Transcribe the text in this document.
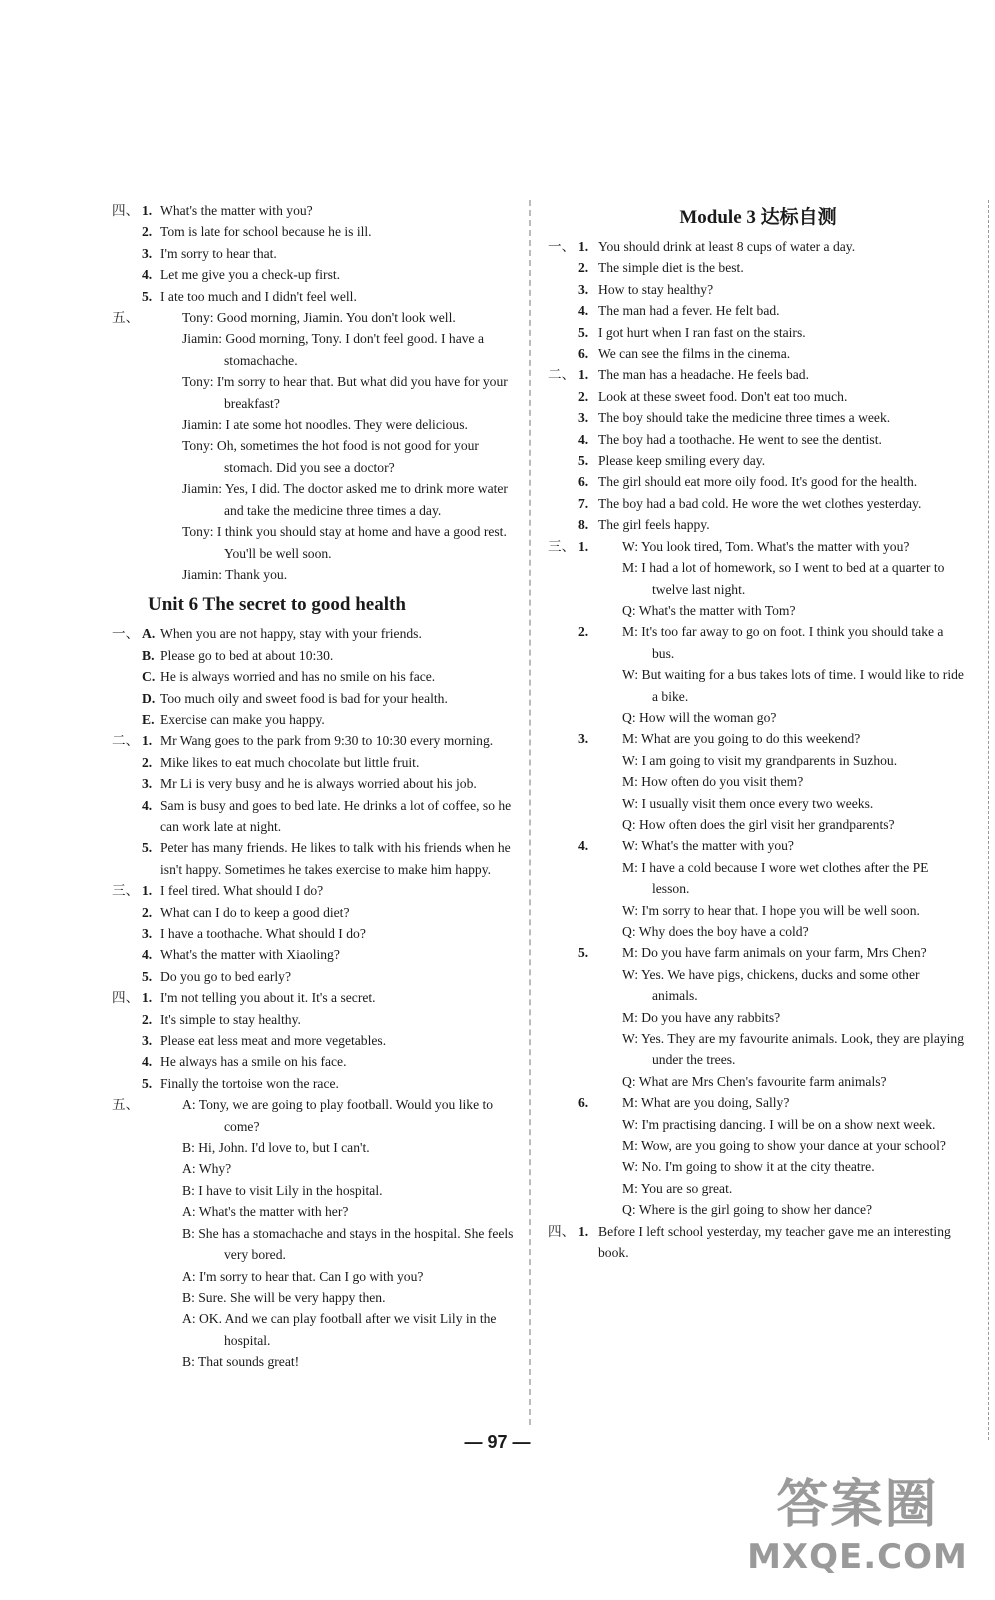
四、 1. What's the matter with you?
2. Tom is late for school because he is ill.
3. I'm sorry to hear that.
4. Let me give you a check-up first.
5. I ate too much and I didn't feel well.
五、	Tony: Good morning, Jiamin. You don't look well.
Jiamin: Good morning, Tony. I don't feel good. I have a stomachache.
Tony: I'm sorry to hear that. But what did you have for your breakfast?
Jiamin: I ate some hot noodles. They were delicious.
Tony: Oh, sometimes the hot food is not good for your stomach. Did you see a doctor?
Jiamin: Yes, I did. The doctor asked me to drink more water and take the medicine three times a day.
Tony: I think you should stay at home and have a good rest. You'll be well soon.
Jiamin: Thank you.
Unit 6 The secret to good health
一、 A. When you are not happy, stay with your friends.
B. Please go to bed at about 10:30.
C. He is always worried and has no smile on his face.
D. Too much oily and sweet food is bad for your health.
E. Exercise can make you happy.
二、 1. Mr Wang goes to the park from 9:30 to 10:30 every morning.
2. Mike likes to eat much chocolate but little fruit.
3. Mr Li is very busy and he is always worried about his job.
4. Sam is busy and goes to bed late. He drinks a lot of coffee, so he can work late at night.
5. Peter has many friends. He likes to talk with his friends when he isn't happy. Sometimes he takes exercise to make him happy.
三、 1. I feel tired. What should I do?
2. What can I do to keep a good diet?
3. I have a toothache. What should I do?
4. What's the matter with Xiaoling?
5. Do you go to bed early?
四、 1. I'm not telling you about it. It's a secret.
2. It's simple to stay healthy.
3. Please eat less meat and more vegetables.
4. He always has a smile on his face.
5. Finally the tortoise won the race.
五、	A: Tony, we are going to play football. Would you like to come?
B: Hi, John. I'd love to, but I can't.
A: Why?
B: I have to visit Lily in the hospital.
A: What's the matter with her?
B: She has a stomachache and stays in the hospital. She feels very bored.
A: I'm sorry to hear that. Can I go with you?
B: Sure. She will be very happy then.
A: OK. And we can play football after we visit Lily in the hospital.
B: That sounds great!
Module 3 达标自测
一、 1. You should drink at least 8 cups of water a day.
2. The simple diet is the best.
3. How to stay healthy?
4. The man had a fever. He felt bad.
5. I got hurt when I ran fast on the stairs.
6. We can see the films in the cinema.
二、 1. The man has a headache. He feels bad.
2. Look at these sweet food. Don't eat too much.
3. The boy should take the medicine three times a week.
4. The boy had a toothache. He went to see the dentist.
5. Please keep smiling every day.
6. The girl should eat more oily food. It's good for the health.
7. The boy had a bad cold. He wore the wet clothes yesterday.
8. The girl feels happy.
三、 1. W: You look tired, Tom. What's the matter with you?
M: I had a lot of homework, so I went to bed at a quarter to twelve last night.
Q: What's the matter with Tom?
2. M: It's too far away to go on foot. I think you should take a bus.
W: But waiting for a bus takes lots of time. I would like to ride a bike.
Q: How will the woman go?
3. M: What are you going to do this weekend?
W: I am going to visit my grandparents in Suzhou.
M: How often do you visit them?
W: I usually visit them once every two weeks.
Q: How often does the girl visit her grandparents?
4. W: What's the matter with you?
M: I have a cold because I wore wet clothes after the PE lesson.
W: I'm sorry to hear that. I hope you will be well soon.
Q: Why does the boy have a cold?
5. M: Do you have farm animals on your farm, Mrs Chen?
W: Yes. We have pigs, chickens, ducks and some other animals.
M: Do you have any rabbits?
W: Yes. They are my favourite animals. Look, they are playing under the trees.
Q: What are Mrs Chen's favourite farm animals?
6. M: What are you doing, Sally?
W: I'm practising dancing. I will be on a show next week.
M: Wow, are you going to show your dance at your school?
W: No. I'm going to show it at the city theatre.
M: You are so great.
Q: Where is the girl going to show her dance?
四、 1. Before I left school yesterday, my teacher gave me an interesting book.
— 97 —
答案圈
MXQE.COM
